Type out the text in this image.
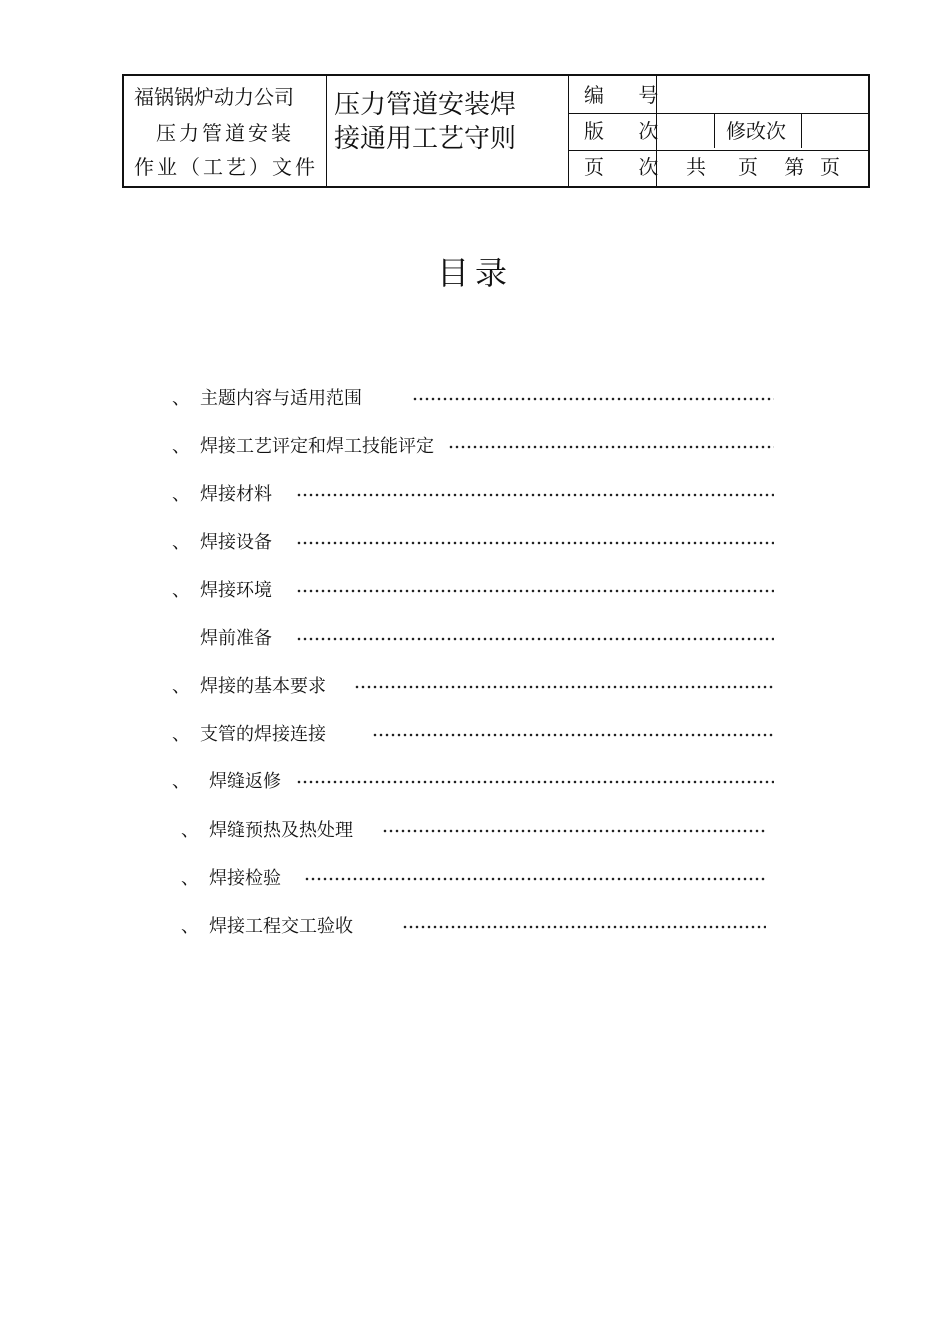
福锅锅炉动力公司
压力管道安装
作业（工艺）文件
压力管道安装焊
接通用工艺守则
编 号
版 次	修改次
页 次 共 页 第 页
目录
、 主题内容与适用范围
、 焊接工艺评定和焊工技能评定
、 焊接材料
、 焊接设备
、 焊接环境
焊前准备
、 焊接的基本要求
、 支管的焊接连接
、 焊缝返修
、 焊缝预热及热处理
、 焊接检验
、 焊接工程交工验收
